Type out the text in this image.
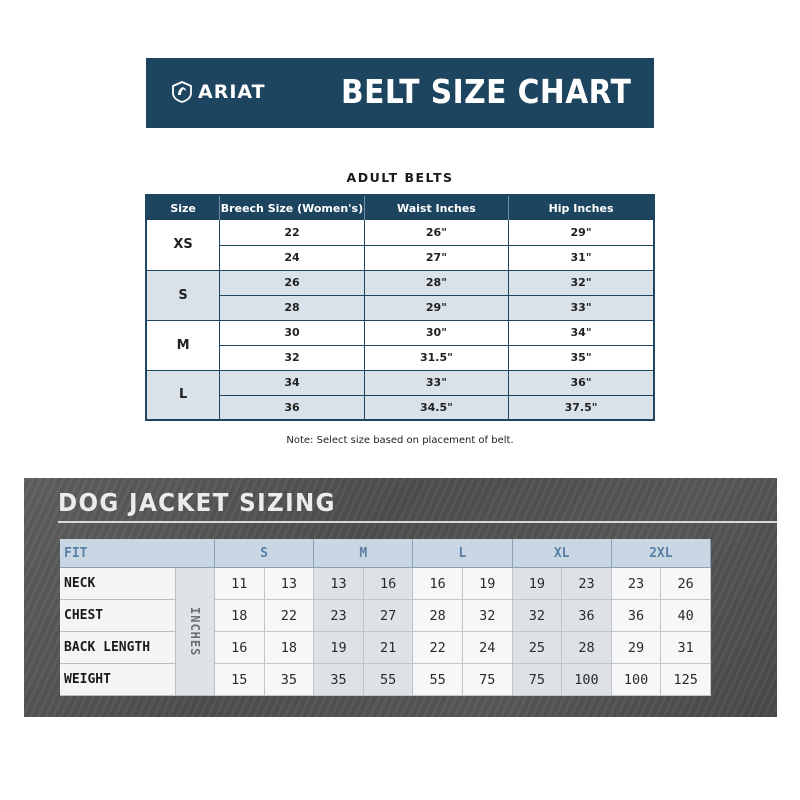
ARIAT BELT SIZE CHART
ADULT BELTS
Size	Breech Size (Women's)	Waist Inches	Hip Inches
XS	22	26"	29"
	24	27"	31"
S	26	28"	32"
	28	29"	33"
M	30	30"	34"
	32	31.5"	35"
L	34	33"	36"
	36	34.5"	37.5"
Note: Select size based on placement of belt.
DOG JACKET SIZING
FIT	S	M	L	XL	2XL
INCHES
NECK	11	13	13	16	16	19	19	23	23	26
CHEST	18	22	23	27	28	32	32	36	36	40
BACK LENGTH	16	18	19	21	22	24	25	28	29	31
WEIGHT	15	35	35	55	55	75	75	100	100	125
